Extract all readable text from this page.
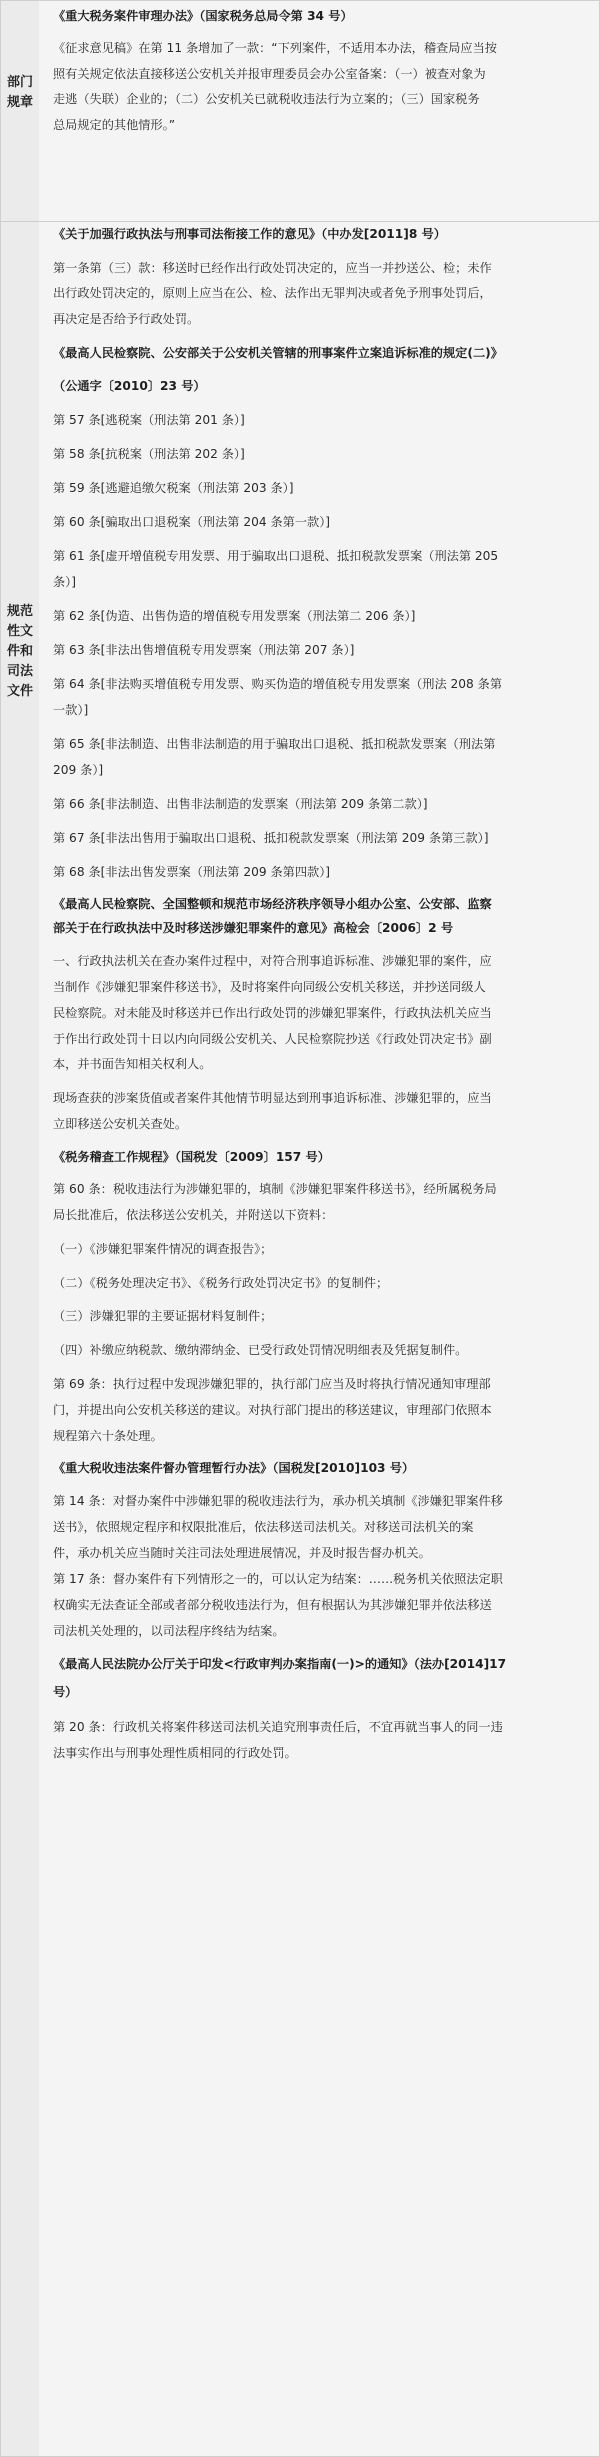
部门规章
《重大税务案件审理办法》（国家税务总局令第 34 号）
《征求意见稿》在第 11 条增加了一款：“下列案件，不适用本办法，稽查局应当按
照有关规定依法直接移送公安机关并报审理委员会办公室备案：（一）被查对象为
走逃（失联）企业的；（二）公安机关已就税收违法行为立案的；（三）国家税务
总局规定的其他情形。”
规范性文件和司法文件
《关于加强行政执法与刑事司法衔接工作的意见》（中办发[2011]8 号）
第一条第（三）款：移送时已经作出行政处罚决定的，应当一并抄送公、检；未作
出行政处罚决定的，原则上应当在公、检、法作出无罪判决或者免予刑事处罚后，
再决定是否给予行政处罚。
《最高人民检察院、公安部关于公安机关管辖的刑事案件立案追诉标准的规定(二)》
（公通字〔2010〕23 号）
第 57 条[逃税案（刑法第 201 条）]
第 58 条[抗税案（刑法第 202 条）]
第 59 条[逃避追缴欠税案（刑法第 203 条）]
第 60 条[骗取出口退税案（刑法第 204 条第一款）]
第 61 条[虚开增值税专用发票、用于骗取出口退税、抵扣税款发票案（刑法第 205
条）]
第 62 条[伪造、出售伪造的增值税专用发票案（刑法第二 206 条）]
第 63 条[非法出售增值税专用发票案（刑法第 207 条）]
第 64 条[非法购买增值税专用发票、购买伪造的增值税专用发票案（刑法 208 条第
一款）]
第 65 条[非法制造、出售非法制造的用于骗取出口退税、抵扣税款发票案（刑法第
209 条）]
第 66 条[非法制造、出售非法制造的发票案（刑法第 209 条第二款）]
第 67 条[非法出售用于骗取出口退税、抵扣税款发票案（刑法第 209 条第三款）]
第 68 条[非法出售发票案（刑法第 209 条第四款）]
《最高人民检察院、全国整顿和规范市场经济秩序领导小组办公室、公安部、监察
部关于在行政执法中及时移送涉嫌犯罪案件的意见》高检会〔2006〕2 号
一、行政执法机关在查办案件过程中，对符合刑事追诉标准、涉嫌犯罪的案件，应
当制作《涉嫌犯罪案件移送书》，及时将案件向同级公安机关移送，并抄送同级人
民检察院。对未能及时移送并已作出行政处罚的涉嫌犯罪案件，行政执法机关应当
于作出行政处罚十日以内向同级公安机关、人民检察院抄送《行政处罚决定书》副
本，并书面告知相关权利人。
现场查获的涉案货值或者案件其他情节明显达到刑事追诉标准、涉嫌犯罪的，应当
立即移送公安机关查处。
《税务稽查工作规程》（国税发〔2009〕157 号）
第 60 条：税收违法行为涉嫌犯罪的，填制《涉嫌犯罪案件移送书》，经所属税务局
局长批准后，依法移送公安机关，并附送以下资料：
（一）《涉嫌犯罪案件情况的调查报告》；
（二）《税务处理决定书》、《税务行政处罚决定书》的复制件；
（三）涉嫌犯罪的主要证据材料复制件；
（四）补缴应纳税款、缴纳滞纳金、已受行政处罚情况明细表及凭据复制件。
第 69 条：执行过程中发现涉嫌犯罪的，执行部门应当及时将执行情况通知审理部
门，并提出向公安机关移送的建议。对执行部门提出的移送建议，审理部门依照本
规程第六十条处理。
《重大税收违法案件督办管理暂行办法》（国税发[2010]103 号）
第 14 条：对督办案件中涉嫌犯罪的税收违法行为，承办机关填制《涉嫌犯罪案件移
送书》，依照规定程序和权限批准后，依法移送司法机关。对移送司法机关的案
件，承办机关应当随时关注司法处理进展情况，并及时报告督办机关。
第 17 条：督办案件有下列情形之一的，可以认定为结案：……税务机关依照法定职
权确实无法查证全部或者部分税收违法行为，但有根据认为其涉嫌犯罪并依法移送
司法机关处理的，以司法程序终结为结案。
《最高人民法院办公厅关于印发<行政审判办案指南(一)>的通知》（法办[2014]17
号）
第 20 条：行政机关将案件移送司法机关追究刑事责任后，不宜再就当事人的同一违
法事实作出与刑事处理性质相同的行政处罚。
